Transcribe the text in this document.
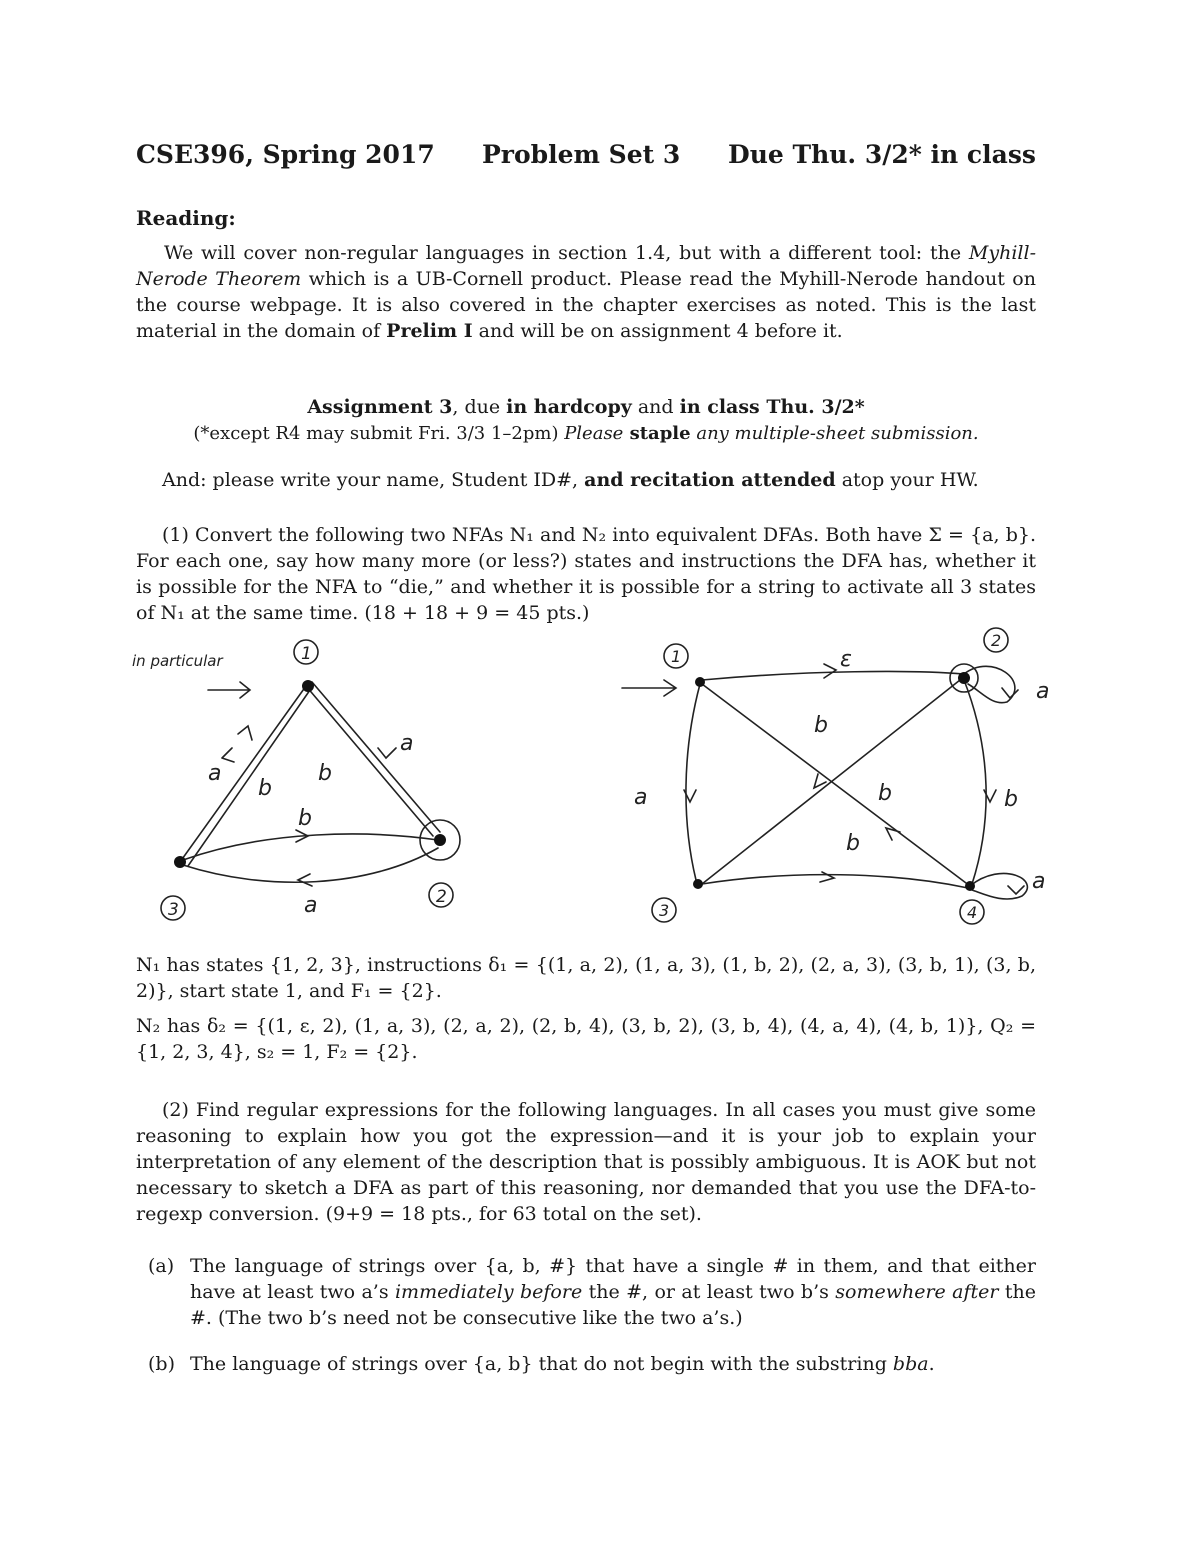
CSE396, Spring 2017 Problem Set 3 Due Thu. 3/2* in class
Reading:
We will cover non-regular languages in section 1.4, but with a different tool: the Myhill-Nerode Theorem which is a UB-Cornell product. Please read the Myhill-Nerode handout on the course webpage. It is also covered in the chapter exercises as noted. This is the last material in the domain of Prelim I and will be on assignment 4 before it.
Assignment 3, due in hardcopy and in class Thu. 3/2*
(*except R4 may submit Fri. 3/3 1–2pm) Please staple any multiple-sheet submission.
And: please write your name, Student ID#, and recitation attended atop your HW.
(1) Convert the following two NFAs N₁ and N₂ into equivalent DFAs. Both have Σ = {a, b}. For each one, say how many more (or less?) states and instructions the DFA has, whether it is possible for the NFA to “die,” and whether it is possible for a string to activate all 3 states of N₁ at the same time. (18 + 18 + 9 = 45 pts.)
in particular	1
3
2
a
b
b
a
b
a
1
2
3	4
ε
a
b
a	b	b
b
a
N₁ has states {1, 2, 3}, instructions δ₁ = {(1, a, 2), (1, a, 3), (1, b, 2), (2, a, 3), (3, b, 1), (3, b, 2)}, start state 1, and F₁ = {2}.
N₂ has δ₂ = {(1, ε, 2), (1, a, 3), (2, a, 2), (2, b, 4), (3, b, 2), (3, b, 4), (4, a, 4), (4, b, 1)}, Q₂ = {1, 2, 3, 4}, s₂ = 1, F₂ = {2}.
(2) Find regular expressions for the following languages. In all cases you must give some reasoning to explain how you got the expression—and it is your job to explain your interpretation of any element of the description that is possibly ambiguous. It is AOK but not necessary to sketch a DFA as part of this reasoning, nor demanded that you use the DFA-to-regexp conversion. (9+9 = 18 pts., for 63 total on the set).
(a) The language of strings over {a, b, #} that have a single # in them, and that either have at least two a’s immediately before the #, or at least two b’s somewhere after the #. (The two b’s need not be consecutive like the two a’s.)
(b) The language of strings over {a, b} that do not begin with the substring bba.
